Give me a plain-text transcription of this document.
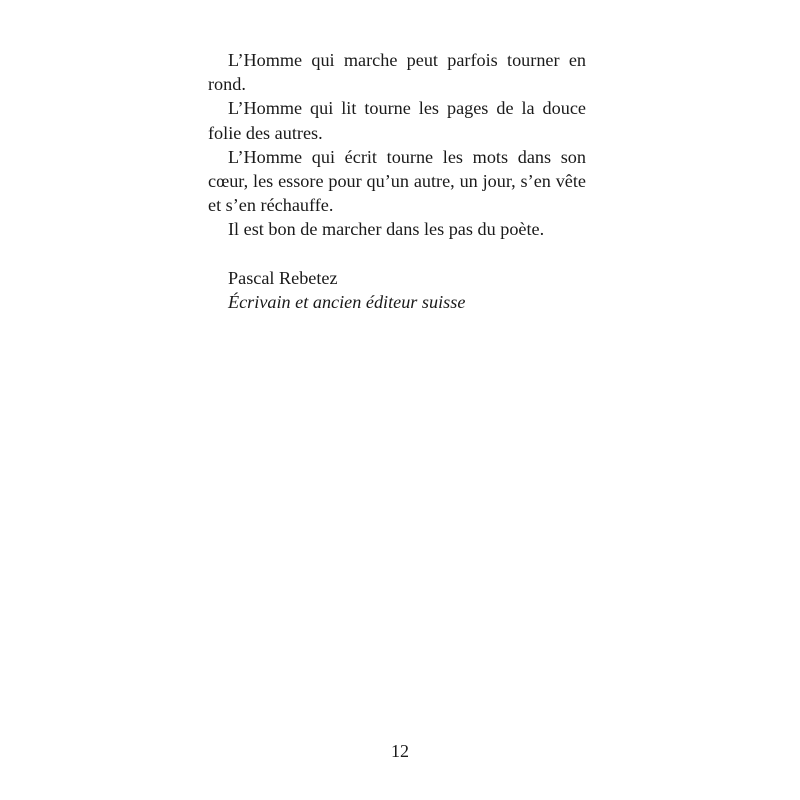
L’Homme qui marche peut parfois tourner en rond.

L’Homme qui lit tourne les pages de la douce folie des autres.

L’Homme qui écrit tourne les mots dans son cœur, les essore pour qu’un autre, un jour, s’en vête et s’en réchauffe.

Il est bon de marcher dans les pas du poète.

Pascal Rebetez
Écrivain et ancien éditeur suisse
12
